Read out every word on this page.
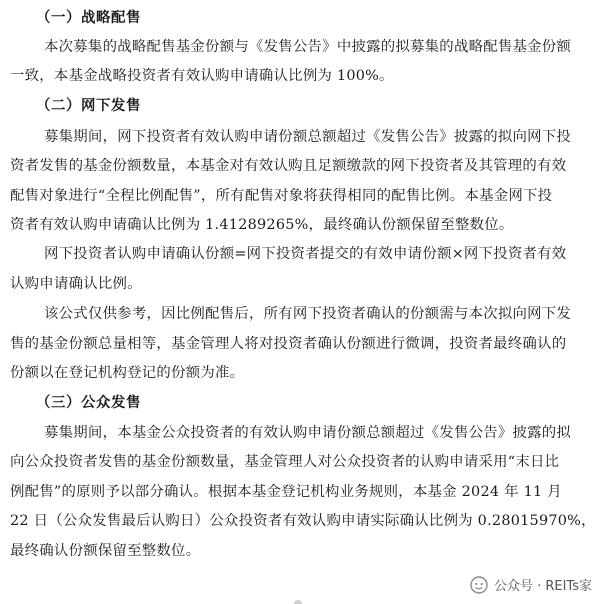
（一）战略配售
本次募集的战略配售基金份额与《发售公告》中披露的拟募集的战略配售基金份额
一致，本基金战略投资者有效认购申请确认比例为 100%。
（二）网下发售
募集期间，网下投资者有效认购申请份额总额超过《发售公告》披露的拟向网下投
资者发售的基金份额数量，本基金对有效认购且足额缴款的网下投资者及其管理的有效
配售对象进行“全程比例配售”，所有配售对象将获得相同的配售比例。本基金网下投
资者有效认购申请确认比例为 1.41289265%，最终确认份额保留至整数位。
网下投资者认购申请确认份额=网下投资者提交的有效申请份额×网下投资者有效
认购申请确认比例。
该公式仅供参考，因比例配售后，所有网下投资者确认的份额需与本次拟向网下发
售的基金份额总量相等，基金管理人将对投资者确认份额进行微调，投资者最终确认的
份额以在登记机构登记的份额为准。
（三）公众发售
募集期间，本基金公众投资者的有效认购申请份额总额超过《发售公告》披露的拟
向公众投资者发售的基金份额数量，基金管理人对公众投资者的认购申请采用“末日比
例配售”的原则予以部分确认。根据本基金登记机构业务规则，本基金 2024 年 11 月
22 日（公众发售最后认购日）公众投资者有效认购申请实际确认比例为 0.28015970%，
最终确认份额保留至整数位。
公众号 · REITs家
